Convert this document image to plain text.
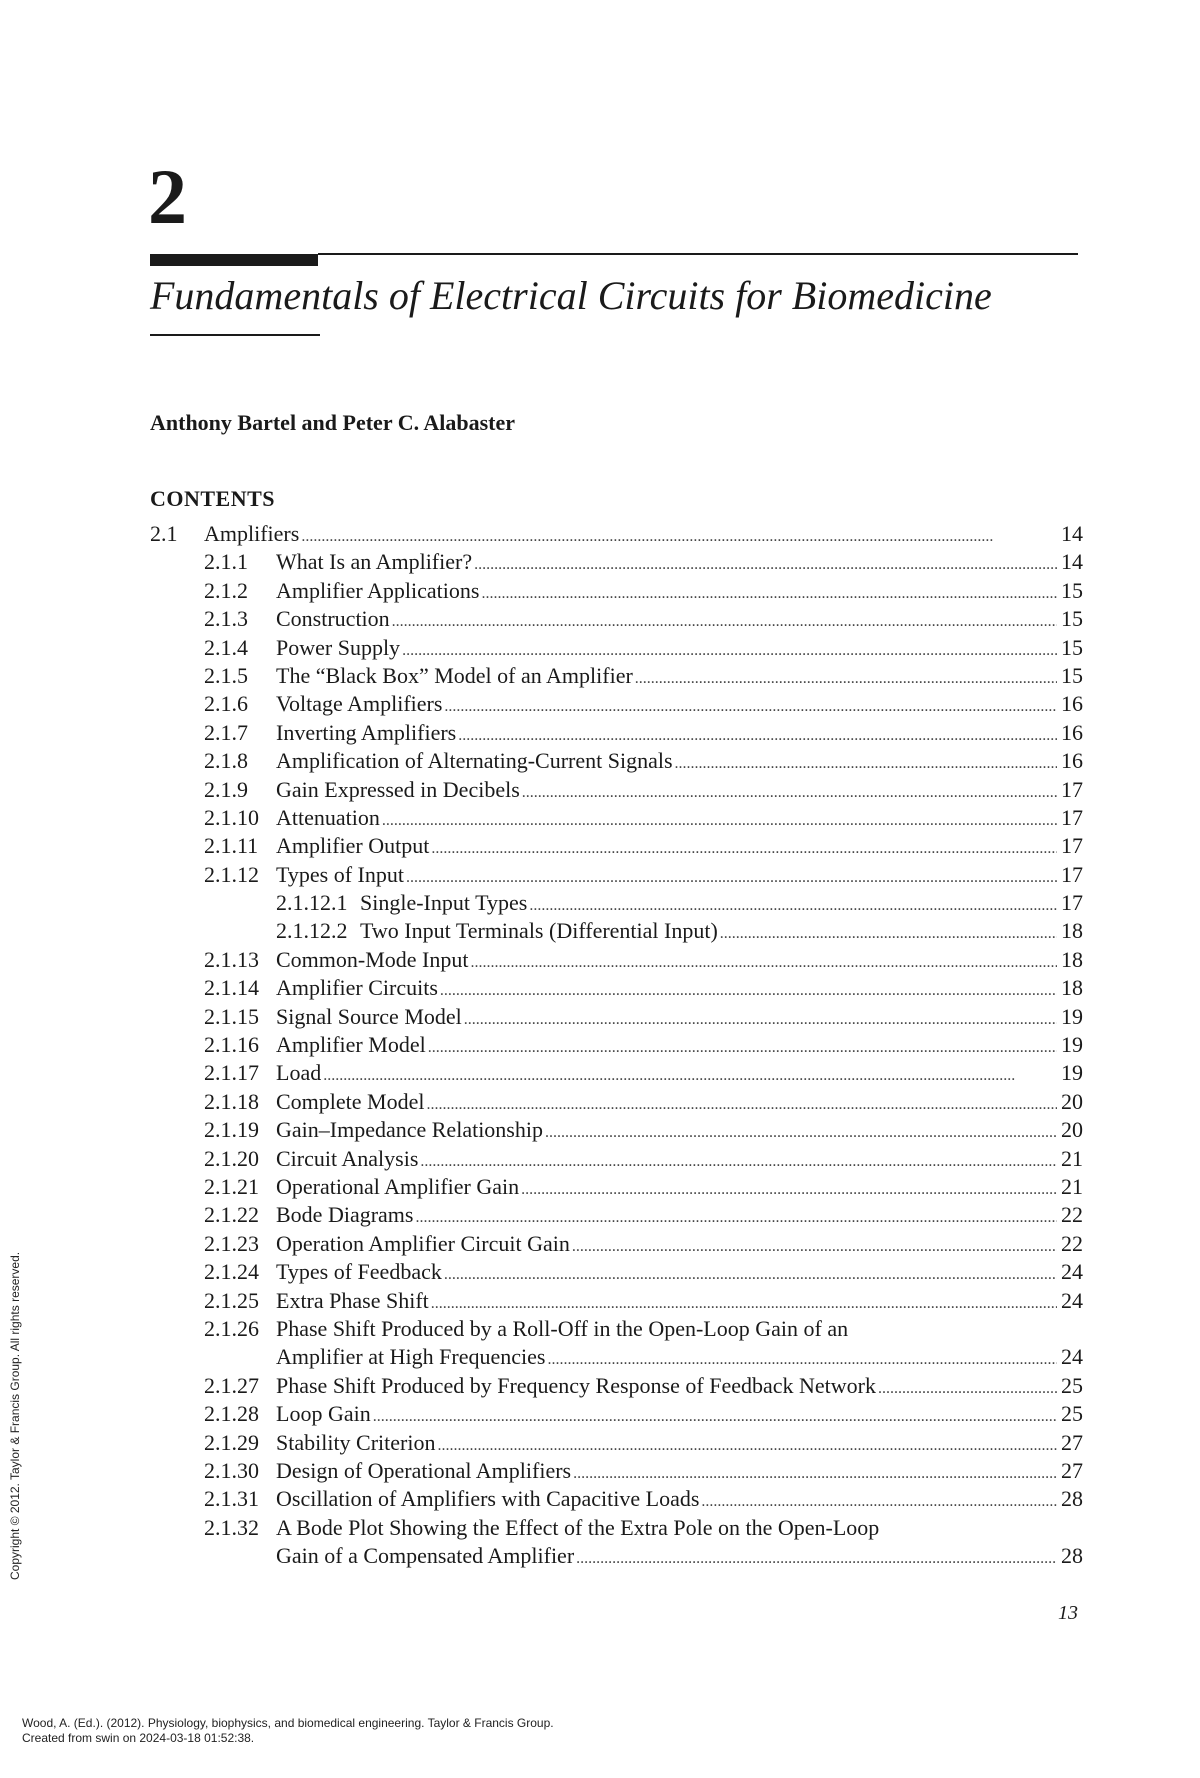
2
Fundamentals of Electrical Circuits for Biomedicine
Anthony Bartel and Peter C. Alabaster
CONTENTS
2.1 Amplifiers . . .	14
2.1.1 What Is an Amplifier? . . .	14
2.1.2 Amplifier Applications . . .	15
2.1.3 Construction . . .	15
2.1.4 Power Supply . . .	15
2.1.5 The “Black Box” Model of an Amplifier . . .	15
2.1.6 Voltage Amplifiers . . .	16
2.1.7 Inverting Amplifiers . . .	16
2.1.8 Amplification of Alternating-Current Signals . . .	16
2.1.9 Gain Expressed in Decibels . . .	17
2.1.10 Attenuation . . .	17
2.1.11 Amplifier Output . . .	17
2.1.12 Types of Input . . .	17
2.1.12.1 Single-Input Types . . .	17
2.1.12.2 Two Input Terminals (Differential Input) . . .	18
2.1.13 Common-Mode Input . . .	18
2.1.14 Amplifier Circuits . . .	18
2.1.15 Signal Source Model . . .	19
2.1.16 Amplifier Model . . .	19
2.1.17 Load . . .	19
2.1.18 Complete Model . . .	20
2.1.19 Gain–Impedance Relationship . . .	20
2.1.20 Circuit Analysis . . .	21
2.1.21 Operational Amplifier Gain . . .	21
2.1.22 Bode Diagrams . . .	22
2.1.23 Operation Amplifier Circuit Gain . . .	22
2.1.24 Types of Feedback . . .	24
2.1.25 Extra Phase Shift . . .	24
2.1.26 Phase Shift Produced by a Roll-Off in the Open-Loop Gain of an
Amplifier at High Frequencies . . .	24
2.1.27 Phase Shift Produced by Frequency Response of Feedback Network . . .	25
2.1.28 Loop Gain . . .	25
2.1.29 Stability Criterion . . .	27
2.1.30 Design of Operational Amplifiers . . .	27
2.1.31 Oscillation of Amplifiers with Capacitive Loads . . .	28
2.1.32 A Bode Plot Showing the Effect of the Extra Pole on the Open-Loop
Gain of a Compensated Amplifier . . .	28
13
Copyright © 2012. Taylor & Francis Group. All rights reserved.
Wood, A. (Ed.). (2012). Physiology, biophysics, and biomedical engineering. Taylor & Francis Group.
Created from swin on 2024-03-18 01:52:38.
